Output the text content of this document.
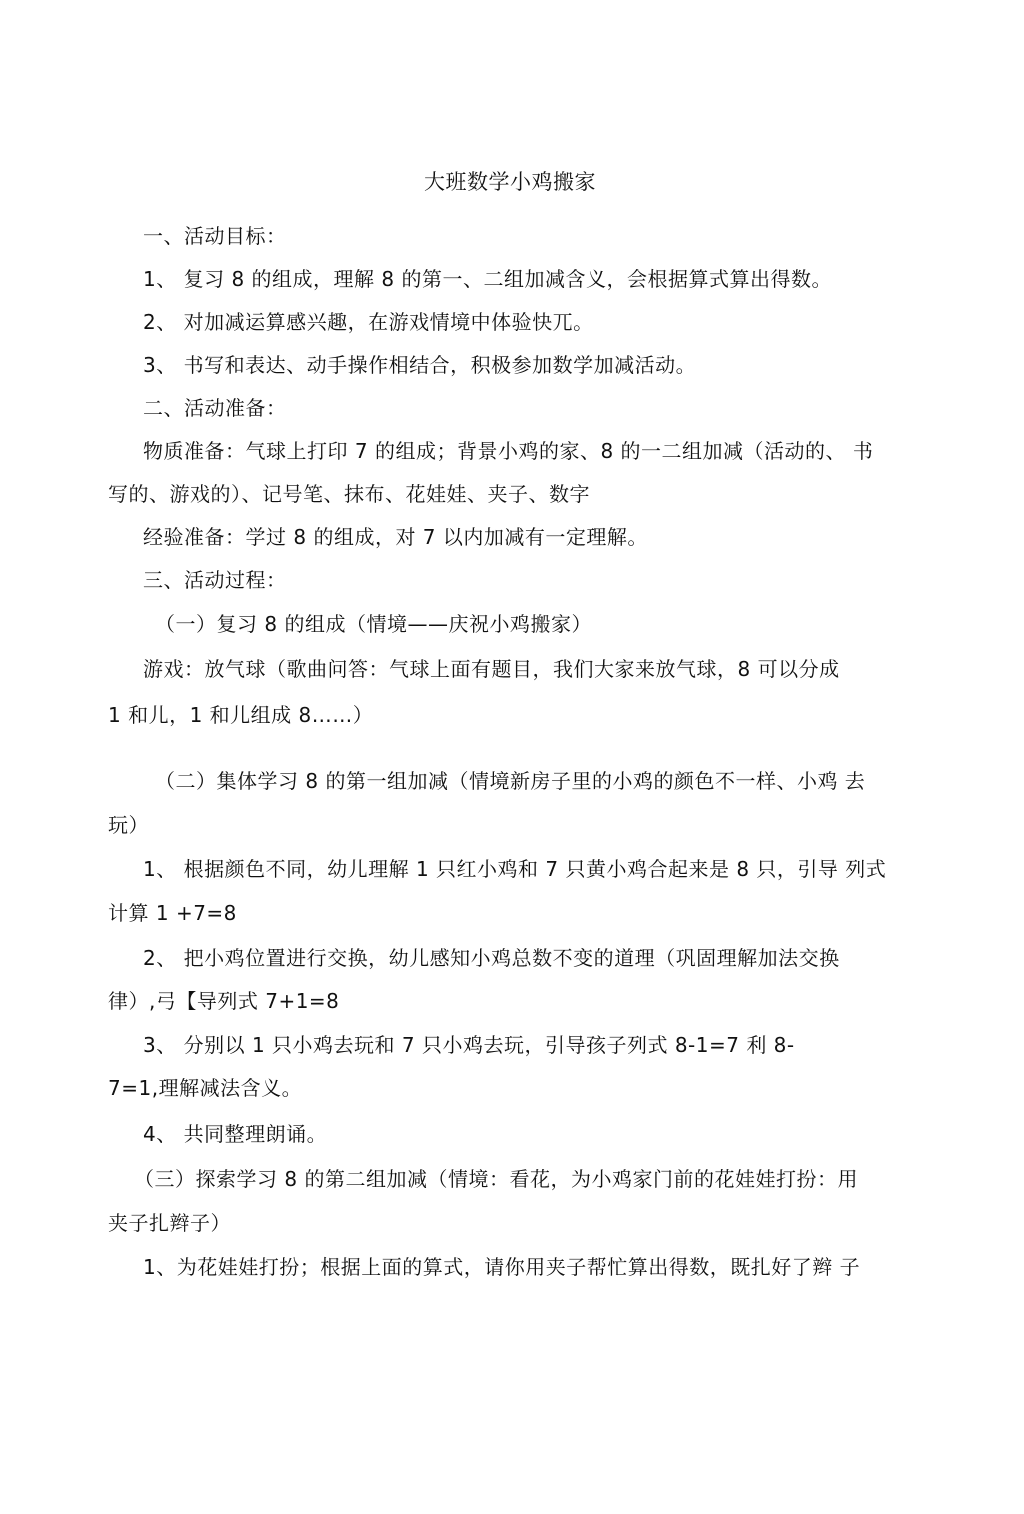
大班数学小鸡搬家
一、活动目标：
1、 复习 8 的组成，理解 8 的第一、二组加减含义，会根据算式算出得数。
2、 对加减运算感兴趣，在游戏情境中体验快兀。
3、 书写和表达、动手操作相结合，积极参加数学加减活动。
二、活动准备：
物质准备：气球上打印 7 的组成；背景小鸡的家、8 的一二组加减（活动的、 书
写的、游戏的）、记号笔、抹布、花娃娃、夹子、数字
经验准备：学过 8 的组成，对 7 以内加减有一定理解。
三、活动过程：
（一）复习 8 的组成（情境——庆祝小鸡搬家）
游戏：放气球（歌曲问答：气球上面有题目，我们大家来放气球，8 可以分成
1 和儿，1 和儿组成 8……）
（二）集体学习 8 的第一组加减（情境新房子里的小鸡的颜色不一样、小鸡 去
玩）
1、 根据颜色不同，幼儿理解 1 只红小鸡和 7 只黄小鸡合起来是 8 只，引导 列式
计算 1 +7=8
2、 把小鸡位置进行交换，幼儿感知小鸡总数不变的道理（巩固理解加法交换
律）,弓【导列式 7+1=8
3、 分别以 1 只小鸡去玩和 7 只小鸡去玩，引导孩子列式 8-1=7 利 8-
7=1,理解减法含义。
4、 共同整理朗诵。
（三）探索学习 8 的第二组加减（情境：看花，为小鸡家门前的花娃娃打扮：用
夹子扎辫子）
1、为花娃娃打扮；根据上面的算式，请你用夹子帮忙算出得数，既扎好了辫 子
